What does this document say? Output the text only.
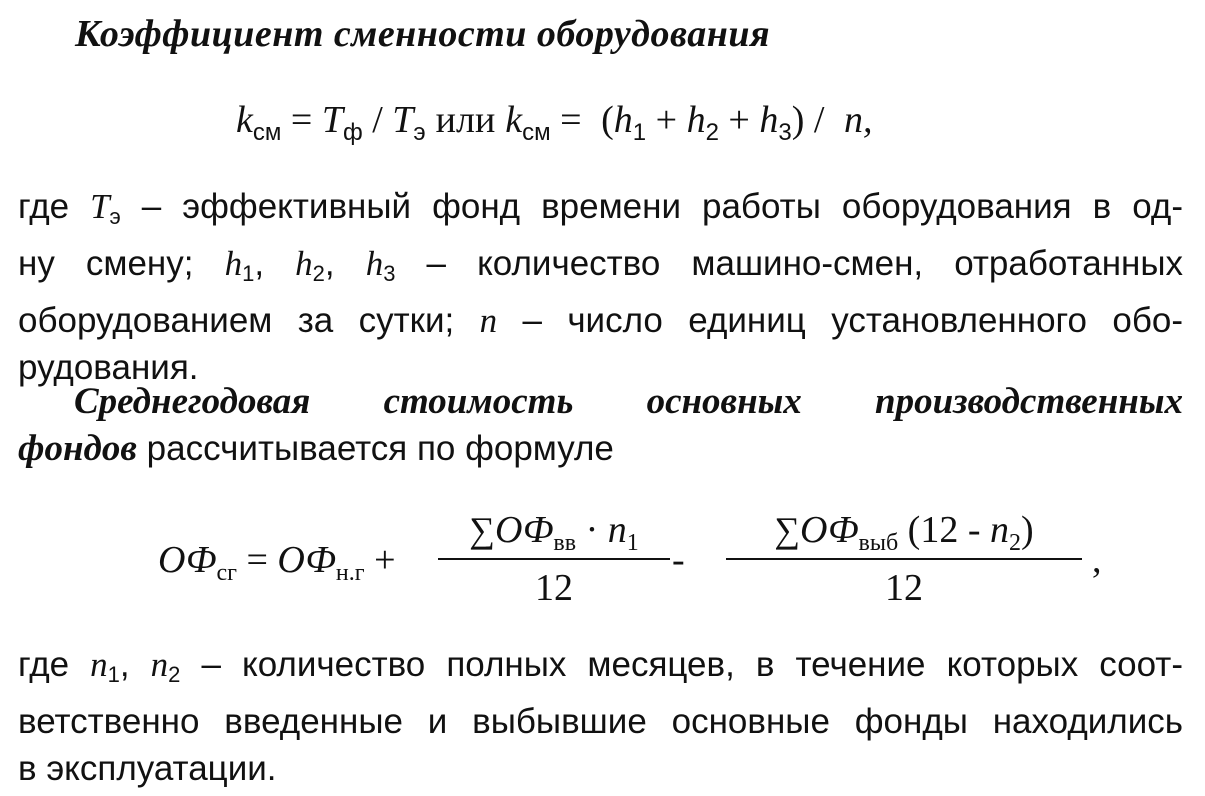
Коэффициент сменности оборудования
$k_{см} = T_ф / T_э$ или $k_{см} = (h_1 + h_2 + h_3) / n$,
где $T_э$ – эффективный фонд времени работы оборудования в од-
ну смену; $h_1$, $h_2$, $h_3$ – количество машино-смен, отработанных
оборудованием за сутки; n – число единиц установленного обо-
рудования.
Среднегодовая стоимость основных производственных
фондов рассчитывается по формуле
$ОФ_{сг} = ОФ_{н.г}$ +
$\sum ОФ_{вв} \cdot n_1$
12
-
$\sum ОФ_{выб}$ $(12 - n_2)$
12
,
где $n_1$, $n_2$ – количество полных месяцев, в течение которых соот-
ветственно введенные и выбывшие основные фонды находились
в эксплуатации.
